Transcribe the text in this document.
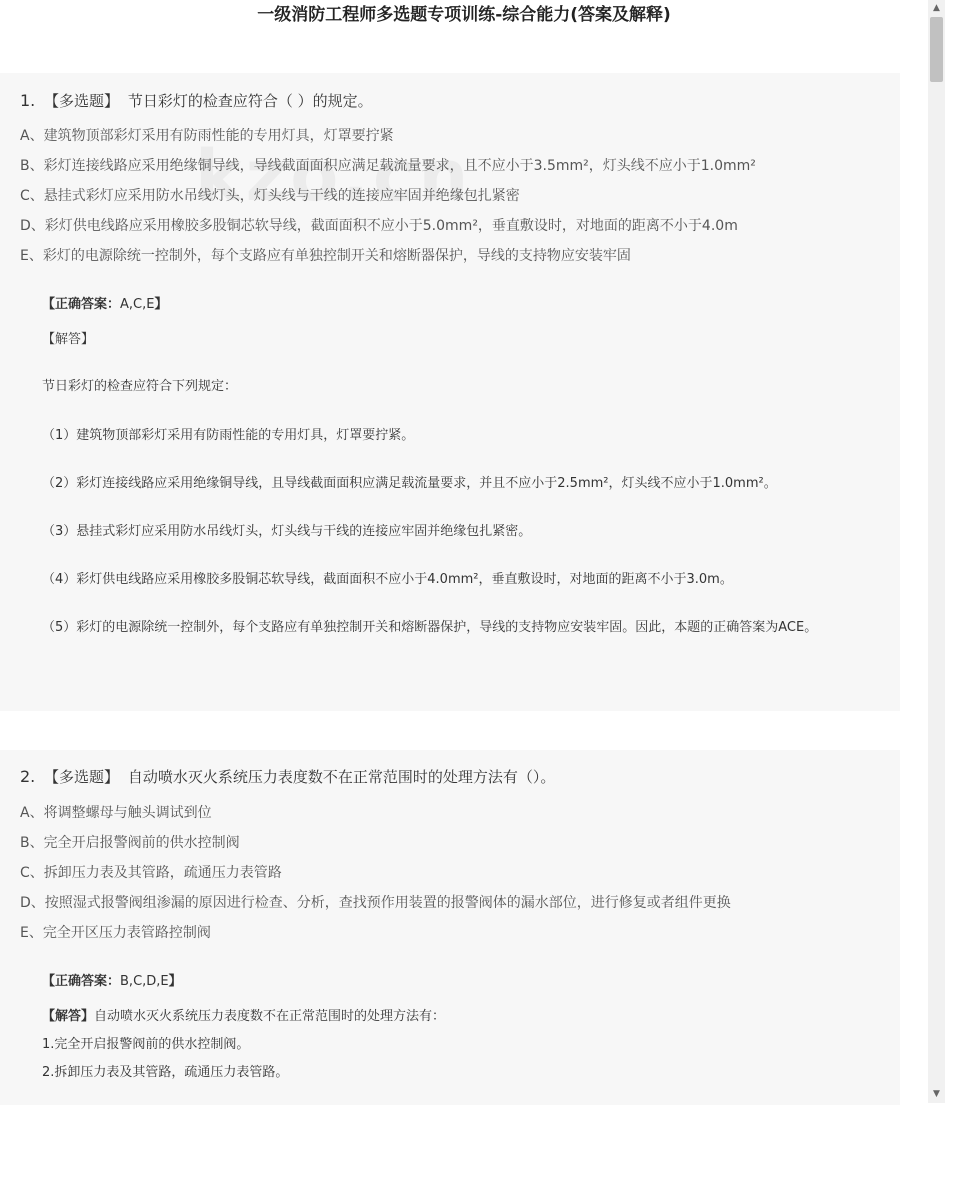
一级消防工程师多选题专项训练-综合能力(答案及解释)
1. 【多选题】 节日彩灯的检查应符合（ ）的规定。
A、建筑物顶部彩灯采用有防雨性能的专用灯具，灯罩要拧紧
B、彩灯连接线路应采用绝缘铜导线，导线截面面积应满足载流量要求，且不应小于3.5mm²，灯头线不应小于1.0mm²
C、悬挂式彩灯应采用防水吊线灯头，灯头线与干线的连接应牢固并绝缘包扎紧密
D、彩灯供电线路应采用橡胶多股铜芯软导线，截面面积不应小于5.0mm²，垂直敷设时，对地面的距离不小于4.0m
E、彩灯的电源除统一控制外，每个支路应有单独控制开关和熔断器保护，导线的支持物应安装牢固
【正确答案：A,C,E】
【解答】
节日彩灯的检查应符合下列规定：
（1）建筑物顶部彩灯采用有防雨性能的专用灯具，灯罩要拧紧。
（2）彩灯连接线路应采用绝缘铜导线，且导线截面面积应满足载流量要求，并且不应小于2.5mm²，灯头线不应小于1.0mm²。
（3）悬挂式彩灯应采用防水吊线灯头，灯头线与干线的连接应牢固并绝缘包扎紧密。
（4）彩灯供电线路应采用橡胶多股铜芯软导线，截面面积不应小于4.0mm²，垂直敷设时，对地面的距离不小于3.0m。
（5）彩灯的电源除统一控制外，每个支路应有单独控制开关和熔断器保护，导线的支持物应安装牢固。因此，本题的正确答案为ACE。
2. 【多选题】 自动喷水灭火系统压力表度数不在正常范围时的处理方法有（）。
A、将调整螺母与触头调试到位
B、完全开启报警阀前的供水控制阀
C、拆卸压力表及其管路，疏通压力表管路
D、按照湿式报警阀组渗漏的原因进行检查、分析，查找预作用装置的报警阀体的漏水部位，进行修复或者组件更换
E、完全开区压力表管路控制阀
【正确答案：B,C,D,E】
【解答】自动喷水灭火系统压力表度数不在正常范围时的处理方法有：
1.完全开启报警阀前的供水控制阀。
2.拆卸压力表及其管路，疏通压力表管路。
▲
▼
